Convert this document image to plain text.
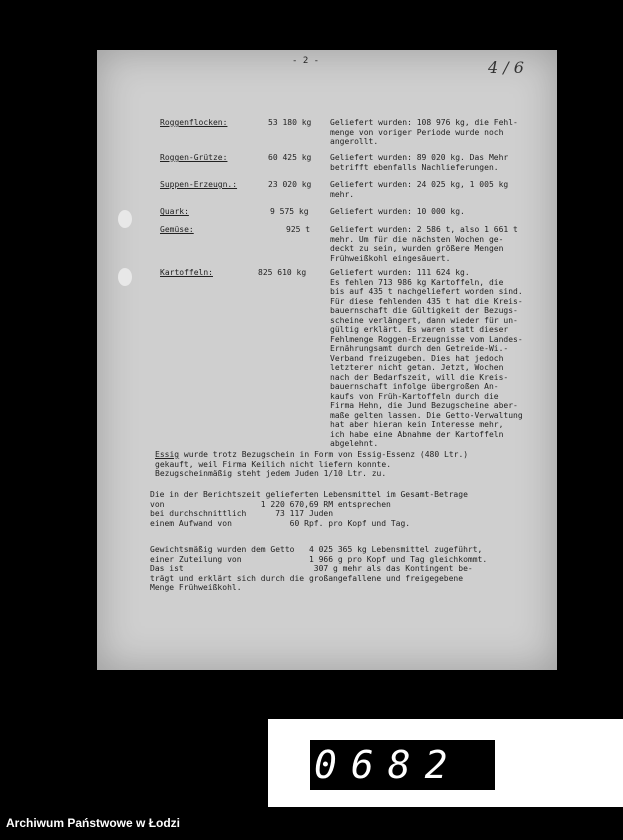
- 2 -	4 / 6
Roggenflocken:	53 180 kg Geliefert wurden: 108 976 kg, die Fehl-
menge von voriger Periode wurde noch
angerollt.
Roggen-Grütze:	60 425 kg Geliefert wurden: 89 020 kg. Das Mehr
betrifft ebenfalls Nachlieferungen.
Suppen-Erzeugn.:	23 020 kg Geliefert wurden: 24 025 kg, 1 005 kg
mehr.
Quark:	9 575 kg	Geliefert wurden: 10 000 kg.
Gemüse:	925 t Geliefert wurden: 2 586 t, also 1 661 t
mehr. Um für die nächsten Wochen ge-
deckt zu sein, wurden größere Mengen
Frühweißkohl eingesäuert.
Kartoffeln:	825 610 kg	Geliefert wurden: 111 624 kg.
Es fehlen 713 986 kg Kartoffeln, die
bis auf 435 t nachgeliefert worden sind.
Für diese fehlenden 435 t hat die Kreis-
bauernschaft die Gültigkeit der Bezugs-
scheine verlängert, dann wieder für un-
gültig erklärt. Es waren statt dieser
Fehlmenge Roggen-Erzeugnisse vom Landes-
Ernährungsamt durch den Getreide-Wi.-
Verband freizugeben. Dies hat jedoch
letzterer nicht getan. Jetzt, Wochen
nach der Bedarfszeit, will die Kreis-
bauernschaft infolge übergroßen An-
kaufs von Früh-Kartoffeln durch die
Firma Hehn, die Jund Bezugscheine aber-
maße gelten lassen. Die Getto-Verwaltung
hat aber hieran kein Interesse mehr,
ich habe eine Abnahme der Kartoffeln
abgelehnt.
Essig wurde trotz Bezugschein in Form von Essig-Essenz (480 Ltr.)
gekauft, weil Firma Keilich nicht liefern konnte.
Bezugscheinmäßig steht jedem Juden 1/10 Ltr. zu.
Die in der Berichtszeit gelieferten Lebensmittel im Gesamt-Betrage
von                    1 220 670,69 RM entsprechen
bei durchschnittlich      73 117 Juden
einem Aufwand von            60 Rpf. pro Kopf und Tag.
Gewichtsmäßig wurden dem Getto   4 025 365 kg Lebensmittel zugeführt,
einer Zuteilung von              1 966 g pro Kopf und Tag gleichkommt.
Das ist                           307 g mehr als das Kontingent be-
trägt und erklärt sich durch die großangefallene und freigegebene
Menge Frühweißkohl.
0682
Archiwum Państwowe w Łodzi
